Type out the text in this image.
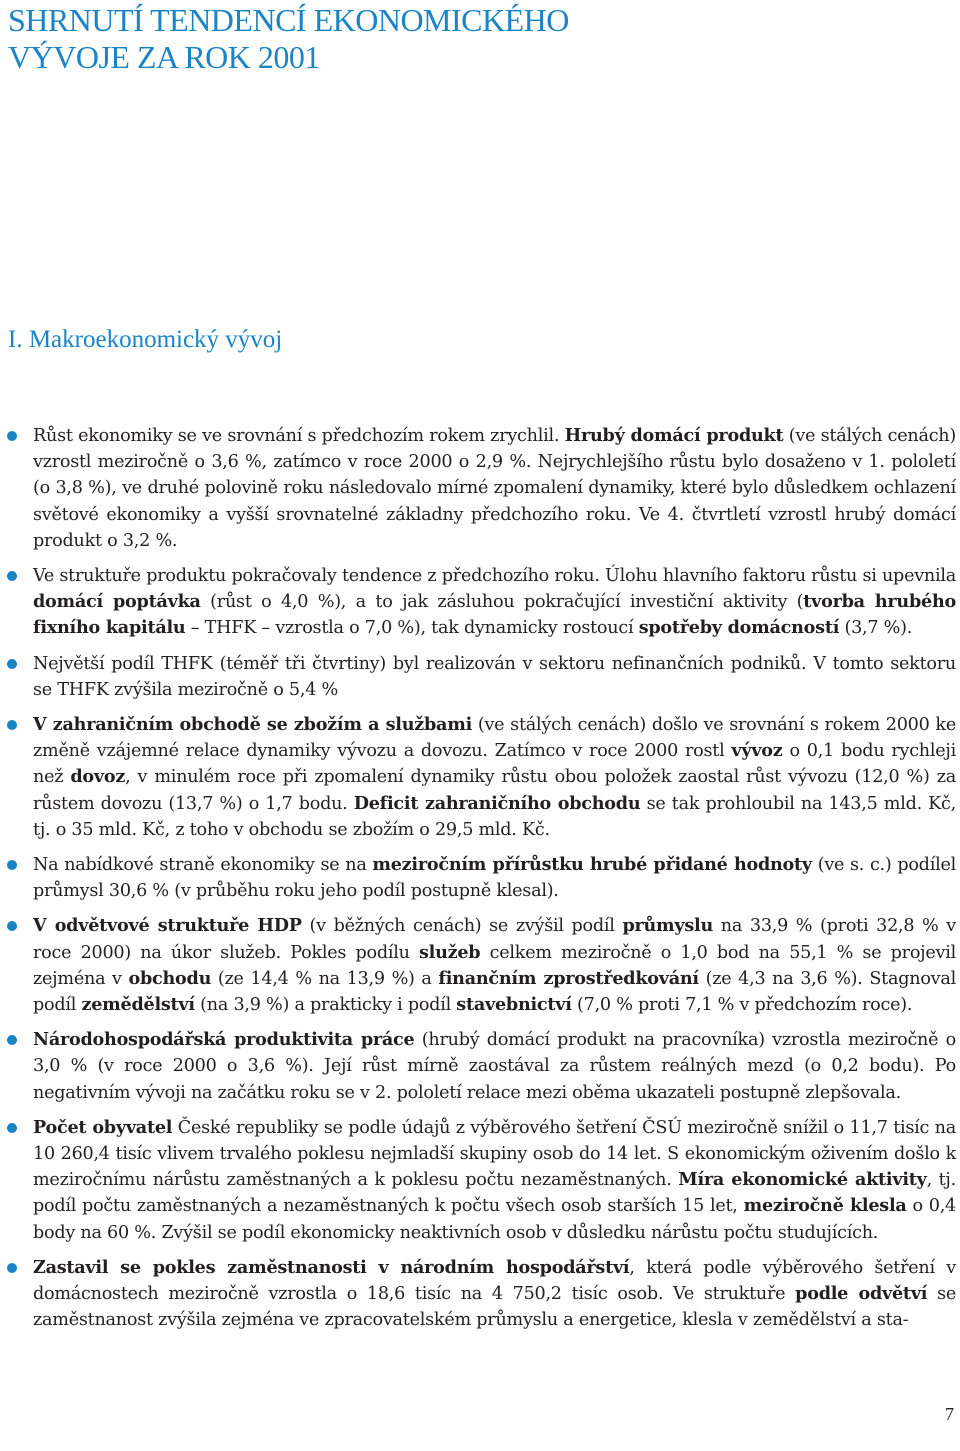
SHRNUTÍ TENDENCÍ EKONOMICKÉHO
VÝVOJE ZA ROK 2001
I. Makroekonomický vývoj
Růst ekonomiky se ve srovnání s předchozím rokem zrychlil. Hrubý domácí produkt (ve stálých cenách) vzrostl meziročně o 3,6 %, zatímco v roce 2000 o 2,9 %. Nejrychlejšího růstu bylo dosaženo v 1. pololetí (o 3,8 %), ve druhé polovině roku následovalo mírné zpomalení dynamiky, které bylo důsledkem ochlazení světové ekonomiky a vyšší srovnatelné základny předchozího roku. Ve 4. čtvrtletí vzrostl hrubý domácí produkt o 3,2 %.
Ve struktuře produktu pokračovaly tendence z předchozího roku. Úlohu hlavního faktoru růstu si upevnila domácí poptávka (růst o 4,0 %), a to jak zásluhou pokračující investiční aktivity (tvorba hrubého fixního kapitálu – THFK – vzrostla o 7,0 %), tak dynamicky rostoucí spotřeby domácností (3,7 %).
Největší podíl THFK (téměř tři čtvrtiny) byl realizován v sektoru nefinančních podniků. V tomto sektoru se THFK zvýšila meziročně o 5,4 %
V zahraničním obchodě se zbožím a službami (ve stálých cenách) došlo ve srovnání s rokem 2000 ke změně vzájemné relace dynamiky vývozu a dovozu. Zatímco v roce 2000 rostl vývoz o 0,1 bodu rychleji než dovoz, v minulém roce při zpomalení dynamiky růstu obou položek zaostal růst vývozu (12,0 %) za růstem dovozu (13,7 %) o 1,7 bodu. Deficit zahraničního obchodu se tak prohloubil na 143,5 mld. Kč, tj. o 35 mld. Kč, z toho v obchodu se zbožím o 29,5 mld. Kč.
Na nabídkové straně ekonomiky se na meziročním přírůstku hrubé přidané hodnoty (ve s. c.) podílel průmysl 30,6 % (v průběhu roku jeho podíl postupně klesal).
V odvětvové struktuře HDP (v běžných cenách) se zvýšil podíl průmyslu na 33,9 % (proti 32,8 % v roce 2000) na úkor služeb. Pokles podílu služeb celkem meziročně o 1,0 bod na 55,1 % se projevil zejména v obchodu (ze 14,4 % na 13,9 %) a finančním zprostředkování (ze 4,3 na 3,6 %). Stagnoval podíl zemědělství (na 3,9 %) a prakticky i podíl stavebnictví (7,0 % proti 7,1 % v předchozím roce).
Národohospodářská produktivita práce (hrubý domácí produkt na pracovníka) vzrostla meziročně o 3,0 % (v roce 2000 o 3,6 %). Její růst mírně zaostával za růstem reálných mezd (o 0,2 bodu). Po negativním vývoji na začátku roku se v 2. pololetí relace mezi oběma ukazateli postupně zlepšovala.
Počet obyvatel České republiky se podle údajů z výběrového šetření ČSÚ meziročně snížil o 11,7 tisíc na 10 260,4 tisíc vlivem trvalého poklesu nejmladší skupiny osob do 14 let. S ekonomickým oživením došlo k meziročnímu nárůstu zaměstnaných a k poklesu počtu nezaměstnaných. Míra ekonomické aktivity, tj. podíl počtu zaměstnaných a nezaměstnaných k počtu všech osob starších 15 let, meziročně klesla o 0,4 body na 60 %. Zvýšil se podíl ekonomicky neaktivních osob v důsledku nárůstu počtu studujících.
Zastavil se pokles zaměstnanosti v národním hospodářství, která podle výběrového šetření v domácnostech meziročně vzrostla o 18,6 tisíc na 4 750,2 tisíc osob. Ve struktuře podle odvětví se zaměstnanost zvýšila zejména ve zpracovatelském průmyslu a energetice, klesla v zemědělství a sta-
7
